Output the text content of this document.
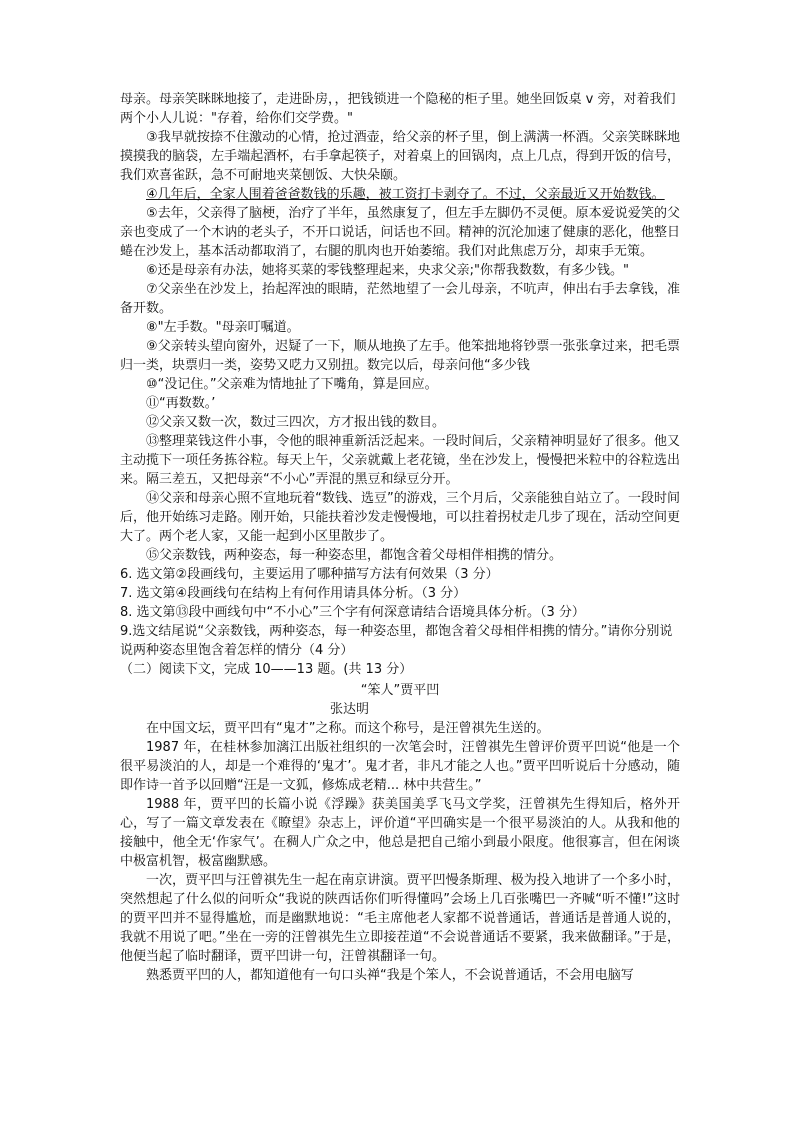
母亲。母亲笑眯眯地接了，走进卧房，，把钱锁进一个隐秘的柜子里。她坐回饭桌 v 旁，对着我们两个小人儿说："存着，给你们交学费。"

③我早就按捺不住激动的心情，抢过酒壶，给父亲的杯子里，倒上满满一杯酒。父亲笑眯眯地摸摸我的脑袋，左手端起酒杯，右手拿起筷子，对着桌上的回锅肉，点上几点，得到开饭的信号，我们欢喜雀跃，急不可耐地夹菜刨饭、大快朵颐。

④几年后，全家人围着爸爸数钱的乐趣，被工资打卡剥夺了。不过，父亲最近又开始数钱。

⑤去年，父亲得了脑梗，治疗了半年，虽然康复了，但左手左脚仍不灵便。原本爱说爱笑的父亲也变成了一个木讷的老头子，不开口说话，问话也不回。精神的沉沦加速了健康的恶化，他整日蜷在沙发上，基本活动都取消了，右腿的肌肉也开始萎缩。我们对此焦虑万分，却束手无策。

⑥还是母亲有办法，她将买菜的零钱整理起来，央求父亲;"你帮我数数，有多少钱。"

⑦父亲坐在沙发上，抬起浑浊的眼睛，茫然地望了一会儿母亲，不吭声，伸出右手去拿钱，准备开数。

⑧"左手数。"母亲叮嘱道。

⑨父亲转头望向窗外，迟疑了一下，顺从地换了左手。他笨拙地将钞票一张张拿过来，把毛票归一类，块票归一类，姿势又呓力又别扭。数完以后，母亲问他“多少钱

⑩“没记住。”父亲难为情地扯了下嘴角，算是回应。

⑪“再数数。’

⑫父亲又数一次，数过三四次，方才报出钱的数目。

⑬整理菜钱这件小事，令他的眼神重新活泛起来。一段时间后，父亲精神明显好了很多。他又主动揽下一项任务拣谷粒。每天上午，父亲就戴上老花镜，坐在沙发上，慢慢把米粒中的谷粒选出来。隔三差五，又把母亲“不小心”弄混的黑豆和绿豆分开。

⑭父亲和母亲心照不宣地玩着“数钱、选豆”的游戏，三个月后，父亲能独自站立了。一段时间后，他开始练习走路。刚开始，只能扶着沙发走慢慢地，可以拄着拐杖走几步了现在，活动空间更大了。两个老人家，又能一起到小区里散步了。

⑮父亲数钱，两种姿态，每一种姿态里，都饱含着父母相伴相携的情分。

6. 选文第②段画线句，主要运用了哪种描写方法有何效果（3 分）

7. 选文第④段画线句在结构上有何作用请具体分析。（3 分）

8. 选文第⑬段中画线句中“不小心”三个字有何深意请结合语境具体分析。（3 分）

9.选文结尾说“父亲数钱，两种姿态，每一种姿态里，都饱含着父母相伴相携的情分。”请你分别说说两种姿态里饱含着怎样的情分（4 分）

（二）阅读下文，完成 10——13 题。(共 13 分）

“笨人”贾平凹

张达明

在中国文坛，贾平凹有“鬼才”之称。而这个称号，是汪曾祺先生送的。

1987 年，在桂林参加漓江出版社组织的一次笔会时，汪曾祺先生曾评价贾平凹说“他是一个很平易淡泊的人，却是一个难得的‘鬼才’。鬼才者，非凡才能之人也。”贾平凹听说后十分感动，随即作诗一首予以回赠“汪是一文狐，修炼成老精... 林中共营生。”

1988 年，贾平凹的长篇小说《浮躁》获美国美孚飞马文学奖，汪曾祺先生得知后，格外开心，写了一篇文章发表在《瞭望》杂志上，评价道“平凹确实是一个很平易淡泊的人。从我和他的接触中，他全无‘作家气’。在稠人广众之中，他总是把自己缩小到最小限度。他很寡言，但在闲谈中极富机智，极富幽默感。

一次，贾平凹与汪曾祺先生一起在南京讲演。贾平凹慢条斯理、极为投入地讲了一个多小时，突然想起了什么似的问听众“我说的陕西话你们听得懂吗”会场上几百张嘴巴一齐喊“听不懂!”这时的贾平凹并不显得尴尬，而是幽默地说：“毛主席他老人家都不说普通话，普通话是普通人说的，我就不用说了吧。”坐在一旁的汪曾祺先生立即接茬道“不会说普通话不要紧，我来做翻译。”于是，他便当起了临时翻译，贾平凹讲一句，汪曾祺翻译一句。

熟悉贾平凹的人，都知道他有一句口头禅“我是个笨人，不会说普通话，不会用电脑写
